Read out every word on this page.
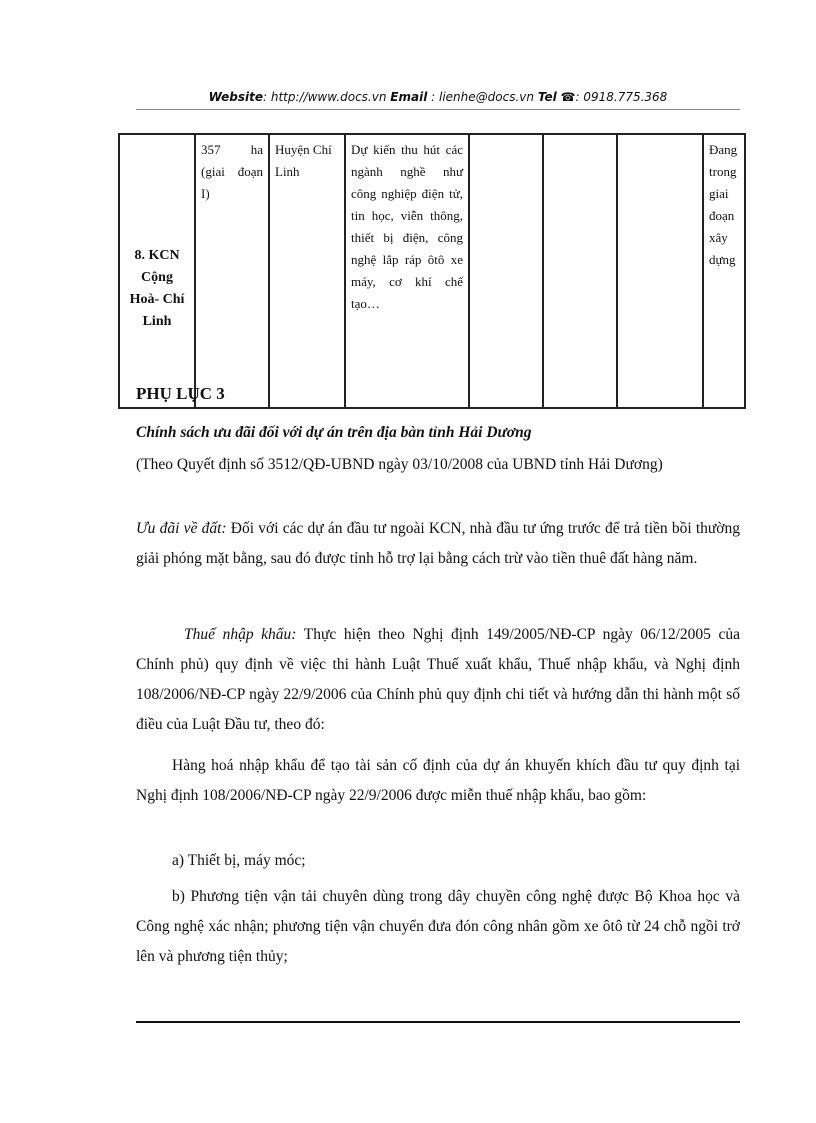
Website: http://www.docs.vn Email : lienhe@docs.vn Tel ☎: 0918.775.368
8. KCN Cộng Hoà- Chí Linh	357 ha (giai đoạn I)	Huyện Chí Linh	Dự kiến thu hút các ngành nghề như công nghiệp điện tử, tin học, viễn thông, thiết bị điện, công nghệ lắp ráp ôtô xe máy, cơ khí chế tạo…				Đang trong giai đoạn xây dựng
PHỤ LỤC 3
Chính sách ưu đãi đối với dự án trên địa bàn tỉnh Hải Dương
(Theo Quyết định số 3512/QĐ-UBND ngày 03/10/2008 của UBND tỉnh Hải Dương)
Ưu đãi về đất: Đối với các dự án đầu tư ngoài KCN, nhà đầu tư ứng trước để trả tiền bồi thường giải phóng mặt bằng, sau đó được tỉnh hỗ trợ lại bằng cách trừ vào tiền thuê đất hàng năm.
Thuế nhập khẩu: Thực hiện theo Nghị định 149/2005/NĐ-CP ngày 06/12/2005 của Chính phủ) quy định về việc thi hành Luật Thuế xuất khẩu, Thuế nhập khẩu, và Nghị định 108/2006/NĐ-CP ngày 22/9/2006 của Chính phủ quy định chi tiết và hướng dẫn thi hành một số điều của Luật Đầu tư, theo đó:
Hàng hoá nhập khẩu để tạo tài sản cố định của dự án khuyến khích đầu tư quy định tại Nghị định 108/2006/NĐ-CP ngày 22/9/2006 được miễn thuế nhập khẩu, bao gồm:
a) Thiết bị, máy móc;
b) Phương tiện vận tải chuyên dùng trong dây chuyền công nghệ được Bộ Khoa học và Công nghệ xác nhận; phương tiện vận chuyển đưa đón công nhân gồm xe ôtô từ 24 chỗ ngồi trở lên và phương tiện thủy;
